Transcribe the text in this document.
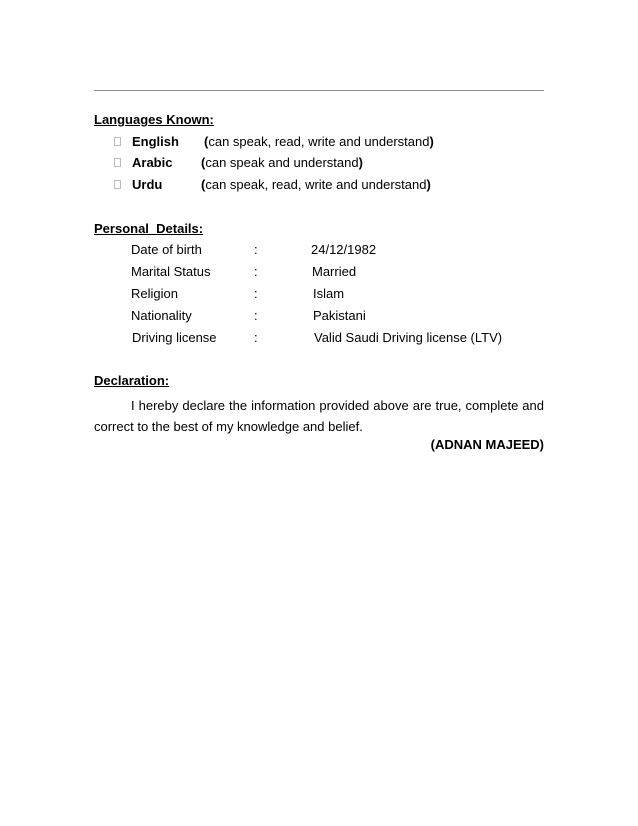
Languages Known:
English (can speak, read, write and understand)
Arabic (can speak and understand)
Urdu	(can speak, read, write and understand)
Personal  Details:
Date of birth	:	24/12/1982
Marital Status	:	Married
Religion	:	Islam
Nationality	:	Pakistani
Driving license	:	Valid Saudi Driving license (LTV)
Declaration:
I hereby declare the information provided above are true, complete and correct to the best of my knowledge and belief.
(ADNAN MAJEED)
